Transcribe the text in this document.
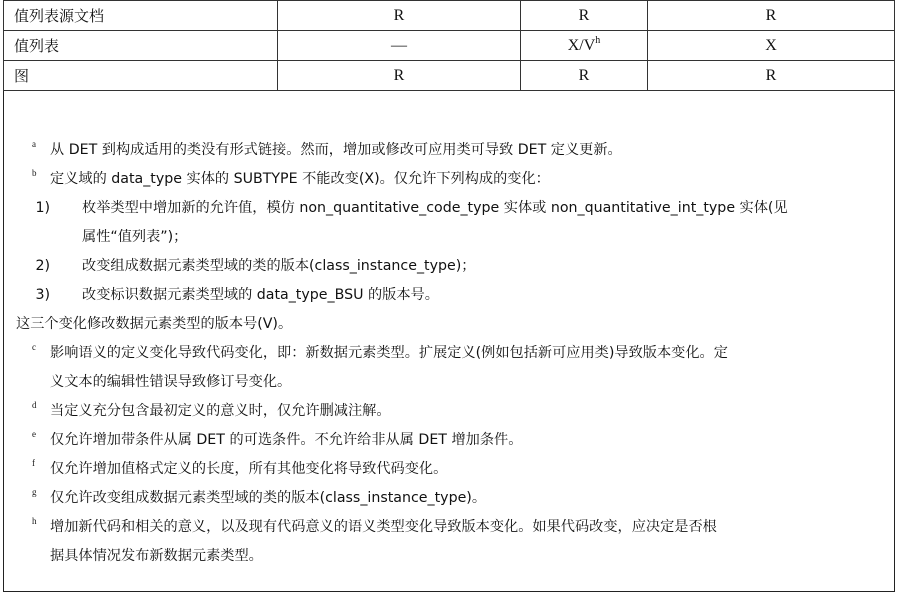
值列表源文档	R	R	R
值列表	—	$X/V^h$	X
图	R	R	R
a 从 DET 到构成适用的类没有形式链接。然而，增加或修改可应用类可导致 DET 定义更新。
b 定义域的 data_type 实体的 SUBTYPE 不能改变(X)。仅允许下列构成的变化：
1)	枚举类型中增加新的允许值，模仿 non_quantitative_code_type 实体或 non_quantitative_int_type 实体(见
属性“值列表”)；
2)	改变组成数据元素类型域的类的版本(class_instance_type)；
3)	改变标识数据元素类型域的 data_type_BSU 的版本号。
这三个变化修改数据元素类型的版本号(V)。
c 影响语义的定义变化导致代码变化，即：新数据元素类型。扩展定义(例如包括新可应用类)导致版本变化。定
义文本的编辑性错误导致修订号变化。
d 当定义充分包含最初定义的意义时，仅允许删减注解。
e 仅允许增加带条件从属 DET 的可选条件。不允许给非从属 DET 增加条件。
f 仅允许增加值格式定义的长度，所有其他变化将导致代码变化。
g 仅允许改变组成数据元素类型域的类的版本(class_instance_type)。
h 增加新代码和相关的意义，以及现有代码意义的语义类型变化导致版本变化。如果代码改变，应决定是否根
据具体情况发布新数据元素类型。
